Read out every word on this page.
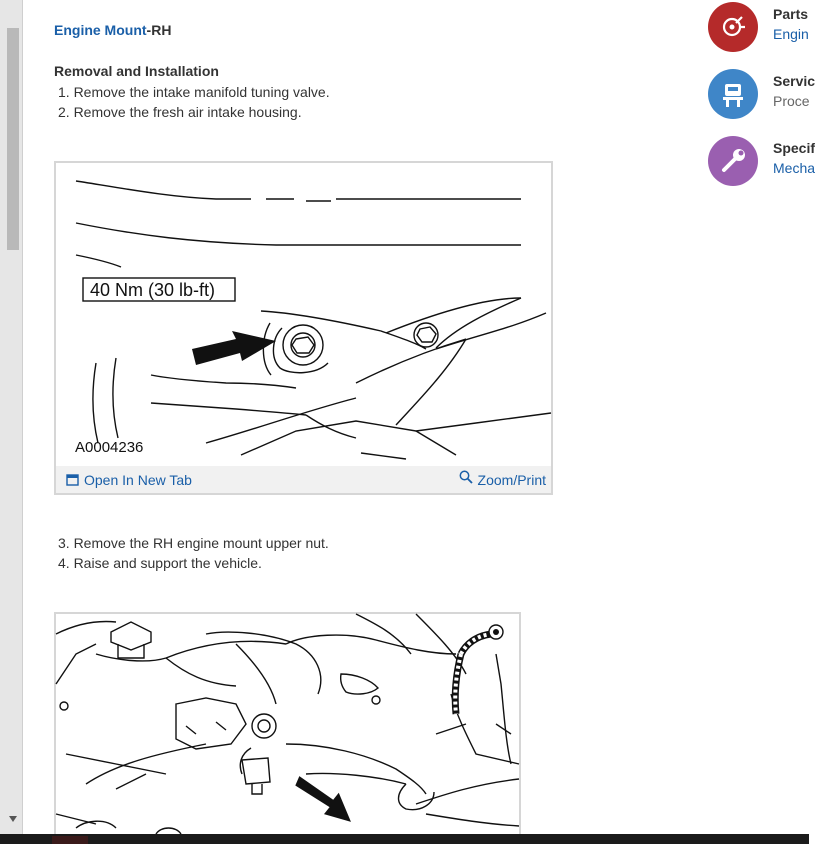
Engine Mount-RH
Removal and Installation
1. Remove the intake manifold tuning valve.
2. Remove the fresh air intake housing.
40 Nm (30 lb-ft)
A0004236
Open In New Tab	Zoom/Print
3. Remove the RH engine mount upper nut.
4. Raise and support the vehicle.
Parts
Engin
Servic
Proce
Specif
Mecha
